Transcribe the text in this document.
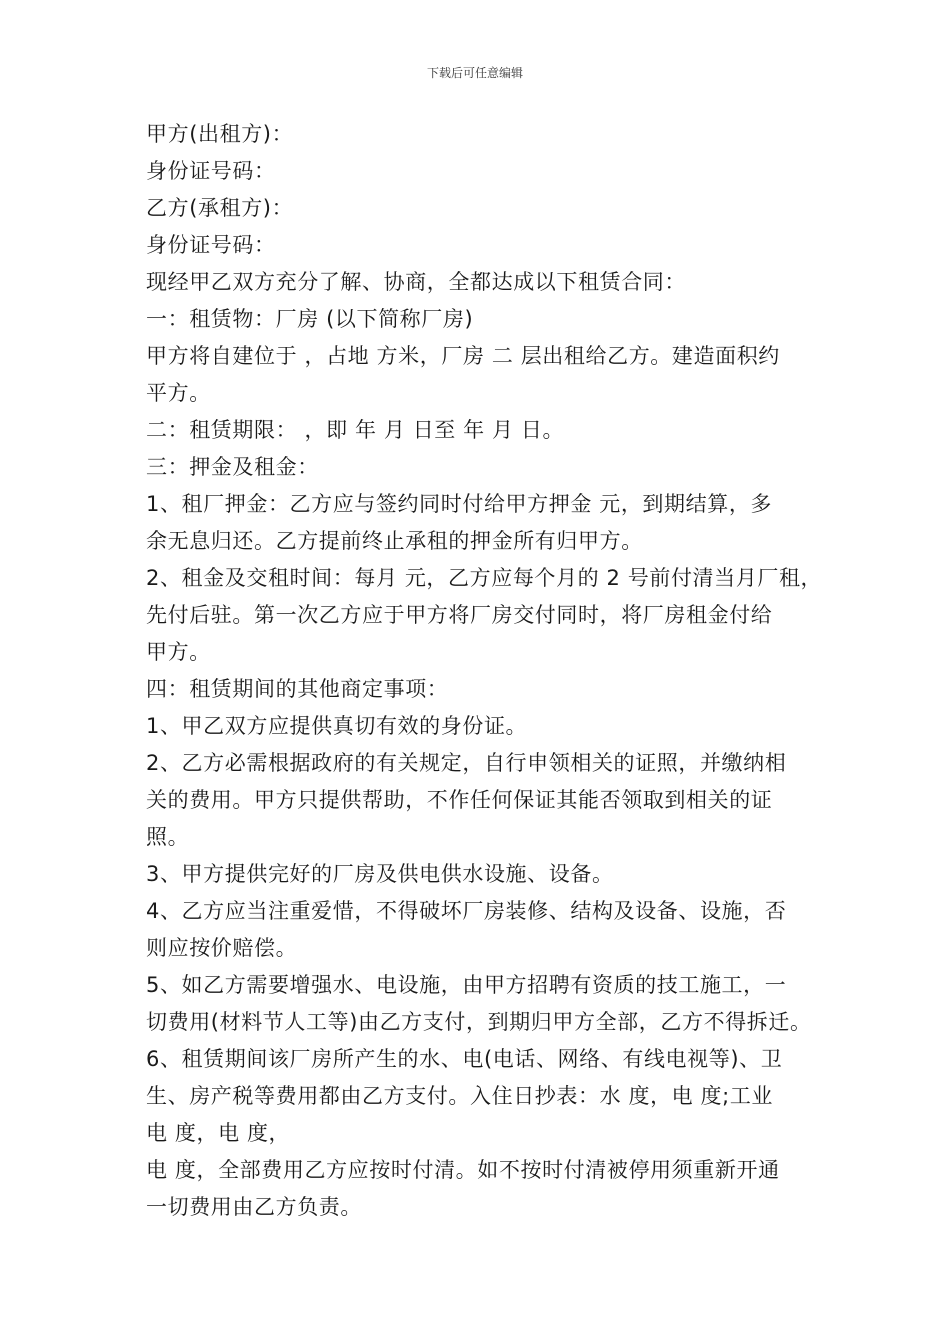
下载后可任意编辑
甲方(出租方)：
身份证号码：
乙方(承租方)：
身份证号码：
现经甲乙双方充分了解、协商，全都达成以下租赁合同：
一：租赁物：厂房 (以下简称厂房)
甲方将自建位于 ，占地 方米，厂房 二 层出租给乙方。建造面积约
平方。
二：租赁期限： ，即 年 月 日至 年 月 日。
三：押金及租金：
1、租厂押金：乙方应与签约同时付给甲方押金 元，到期结算，多
余无息归还。乙方提前终止承租的押金所有归甲方。
2、租金及交租时间：每月 元，乙方应每个月的 2 号前付清当月厂租，
先付后驻。第一次乙方应于甲方将厂房交付同时，将厂房租金付给
甲方。
四：租赁期间的其他商定事项：
1、甲乙双方应提供真切有效的身份证。
2、乙方必需根据政府的有关规定，自行申领相关的证照，并缴纳相
关的费用。甲方只提供帮助，不作任何保证其能否领取到相关的证
照。
3、甲方提供完好的厂房及供电供水设施、设备。
4、乙方应当注重爱惜，不得破坏厂房装修、结构及设备、设施，否
则应按价赔偿。
5、如乙方需要增强水、电设施，由甲方招聘有资质的技工施工，一
切费用(材料节人工等)由乙方支付，到期归甲方全部，乙方不得拆迁。
6、租赁期间该厂房所产生的水、电(电话、网络、有线电视等)、卫
生、房产税等费用都由乙方支付。入住日抄表：水 度，电 度;工业
电 度，电 度，
电 度，全部费用乙方应按时付清。如不按时付清被停用须重新开通
一切费用由乙方负责。
